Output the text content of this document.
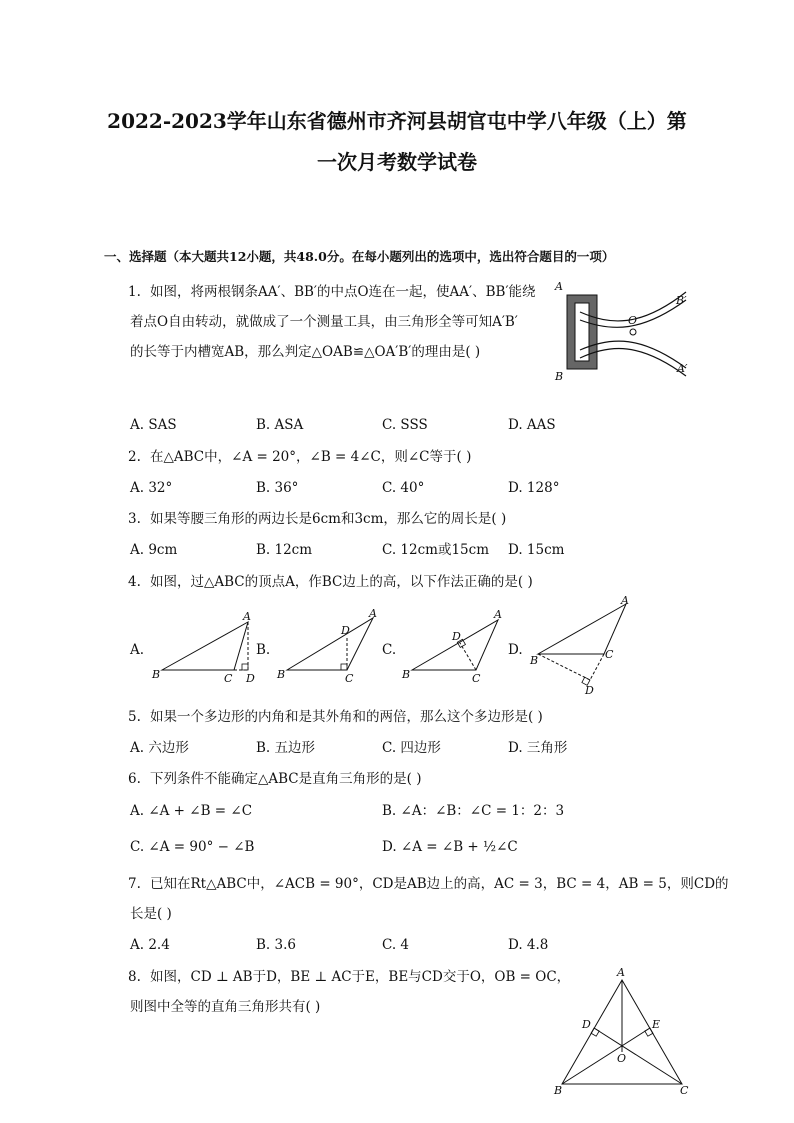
2022-2023学年山东省德州市齐河县胡官屯中学八年级（上）第
一次月考数学试卷
一、选择题（本大题共12小题，共48.0分。在每小题列出的选项中，选出符合题目的一项）
1. 如图，将两根钢条AA′、BB′的中点O连在一起，使AA′、BB′能绕
着点O自由转动，就做成了一个测量工具，由三角形全等可知A′B′
的长等于内槽宽AB，那么判定△OAB≌△OA′B′的理由是( )
A
B
O
B′
A′
A. SAS	B. ASA	C. SSS	D. AAS
2. 在△ABC中，∠A = 20°，∠B = 4∠C，则∠C等于( )
A. 32°	B. 36°	C. 40°	D. 128°
3. 如果等腰三角形的两边长是6cm和3cm，那么它的周长是( )
A. 9cm	B. 12cm	C. 12cm或15cm D. 15cm
4. 如图，过△ABC的顶点A，作BC边上的高，以下作法正确的是( )
A.
A
B	C D
B.
A
D
B	C
C.
A
D
B	C
D.
A
B	C
D
5. 如果一个多边形的内角和是其外角和的两倍，那么这个多边形是( )
A. 六边形	B. 五边形	C. 四边形	D. 三角形
6. 下列条件不能确定△ABC是直角三角形的是( )
A. ∠A + ∠B = ∠C	B. ∠A：∠B：∠C = 1：2：3
C. ∠A = 90° − ∠B	D. ∠A = ∠B + ½∠C
7. 已知在Rt△ABC中，∠ACB = 90°，CD是AB边上的高，AC = 3，BC = 4，AB = 5，则CD的
长是( )
A. 2.4	B. 3.6	C. 4	D. 4.8
8. 如图，CD ⊥ AB于D，BE ⊥ AC于E，BE与CD交于O，OB = OC，
则图中全等的直角三角形共有( )
A
D	E
O
B	C
